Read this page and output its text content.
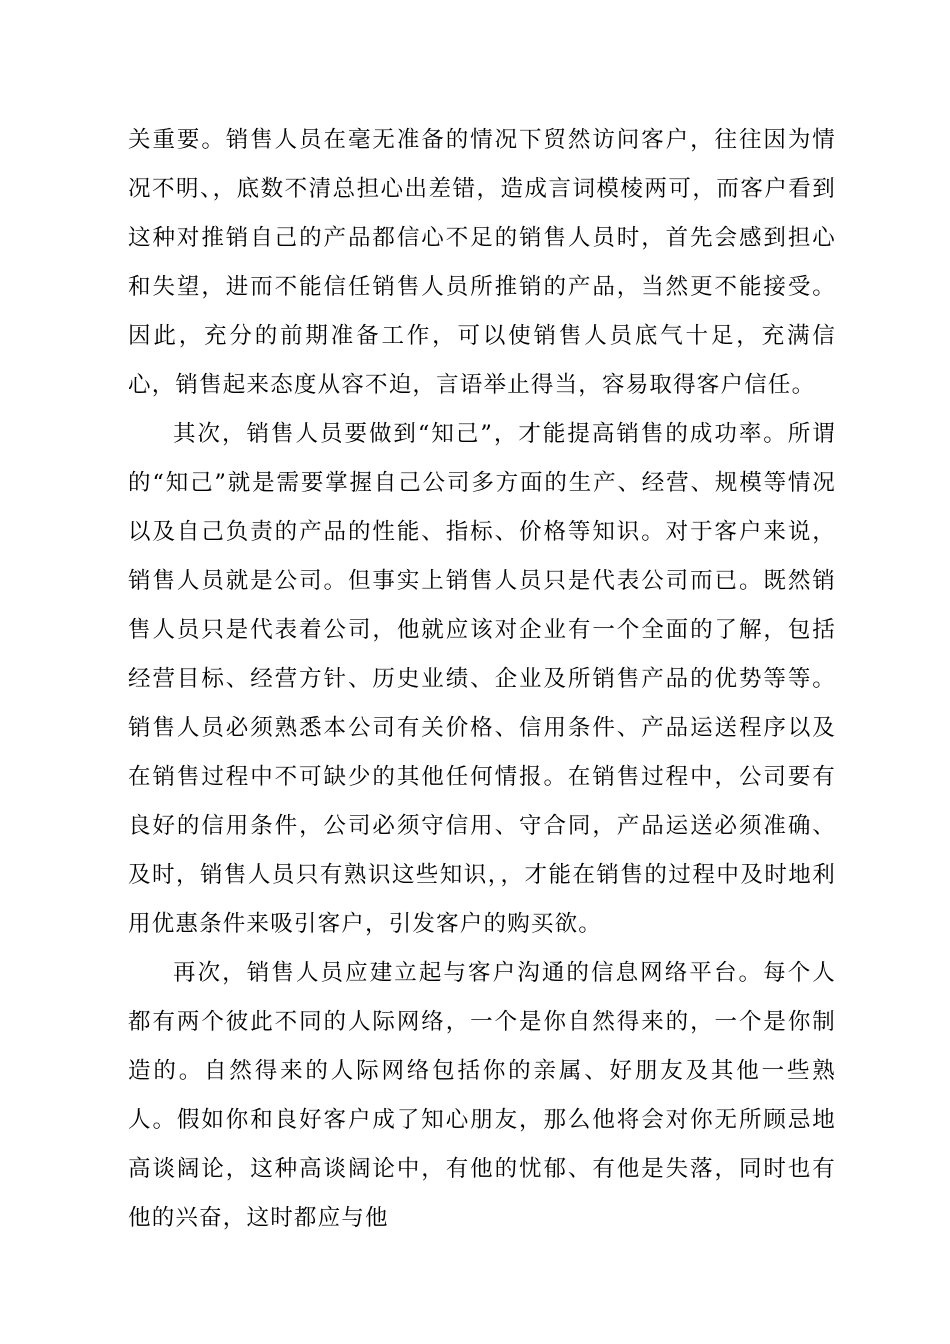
关重要。销售人员在毫无准备的情况下贸然访问客户，往往因为情况不明、，底数不清总担心出差错，造成言词模棱两可，而客户看到这种对推销自己的产品都信心不足的销售人员时，首先会感到担心和失望，进而不能信任销售人员所推销的产品，当然更不能接受。因此，充分的前期准备工作，可以使销售人员底气十足，充满信心，销售起来态度从容不迫，言语举止得当，容易取得客户信任。

其次，销售人员要做到“知己”，才能提高销售的成功率。所谓的“知己”就是需要掌握自己公司多方面的生产、经营、规模等情况以及自己负责的产品的性能、指标、价格等知识。对于客户来说，销售人员就是公司。但事实上销售人员只是代表公司而已。既然销售人员只是代表着公司，他就应该对企业有一个全面的了解，包括经营目标、经营方针、历史业绩、企业及所销售产品的优势等等。销售人员必须熟悉本公司有关价格、信用条件、产品运送程序以及在销售过程中不可缺少的其他任何情报。在销售过程中，公司要有良好的信用条件，公司必须守信用、守合同，产品运送必须准确、及时，销售人员只有熟识这些知识，，才能在销售的过程中及时地利用优惠条件来吸引客户，引发客户的购买欲。

再次，销售人员应建立起与客户沟通的信息网络平台。每个人都有两个彼此不同的人际网络，一个是你自然得来的，一个是你制造的。自然得来的人际网络包括你的亲属、好朋友及其他一些熟人。假如你和良好客户成了知心朋友，那么他将会对你无所顾忌地高谈阔论，这种高谈阔论中，有他的忧郁、有他是失落，同时也有他的兴奋，这时都应与他
